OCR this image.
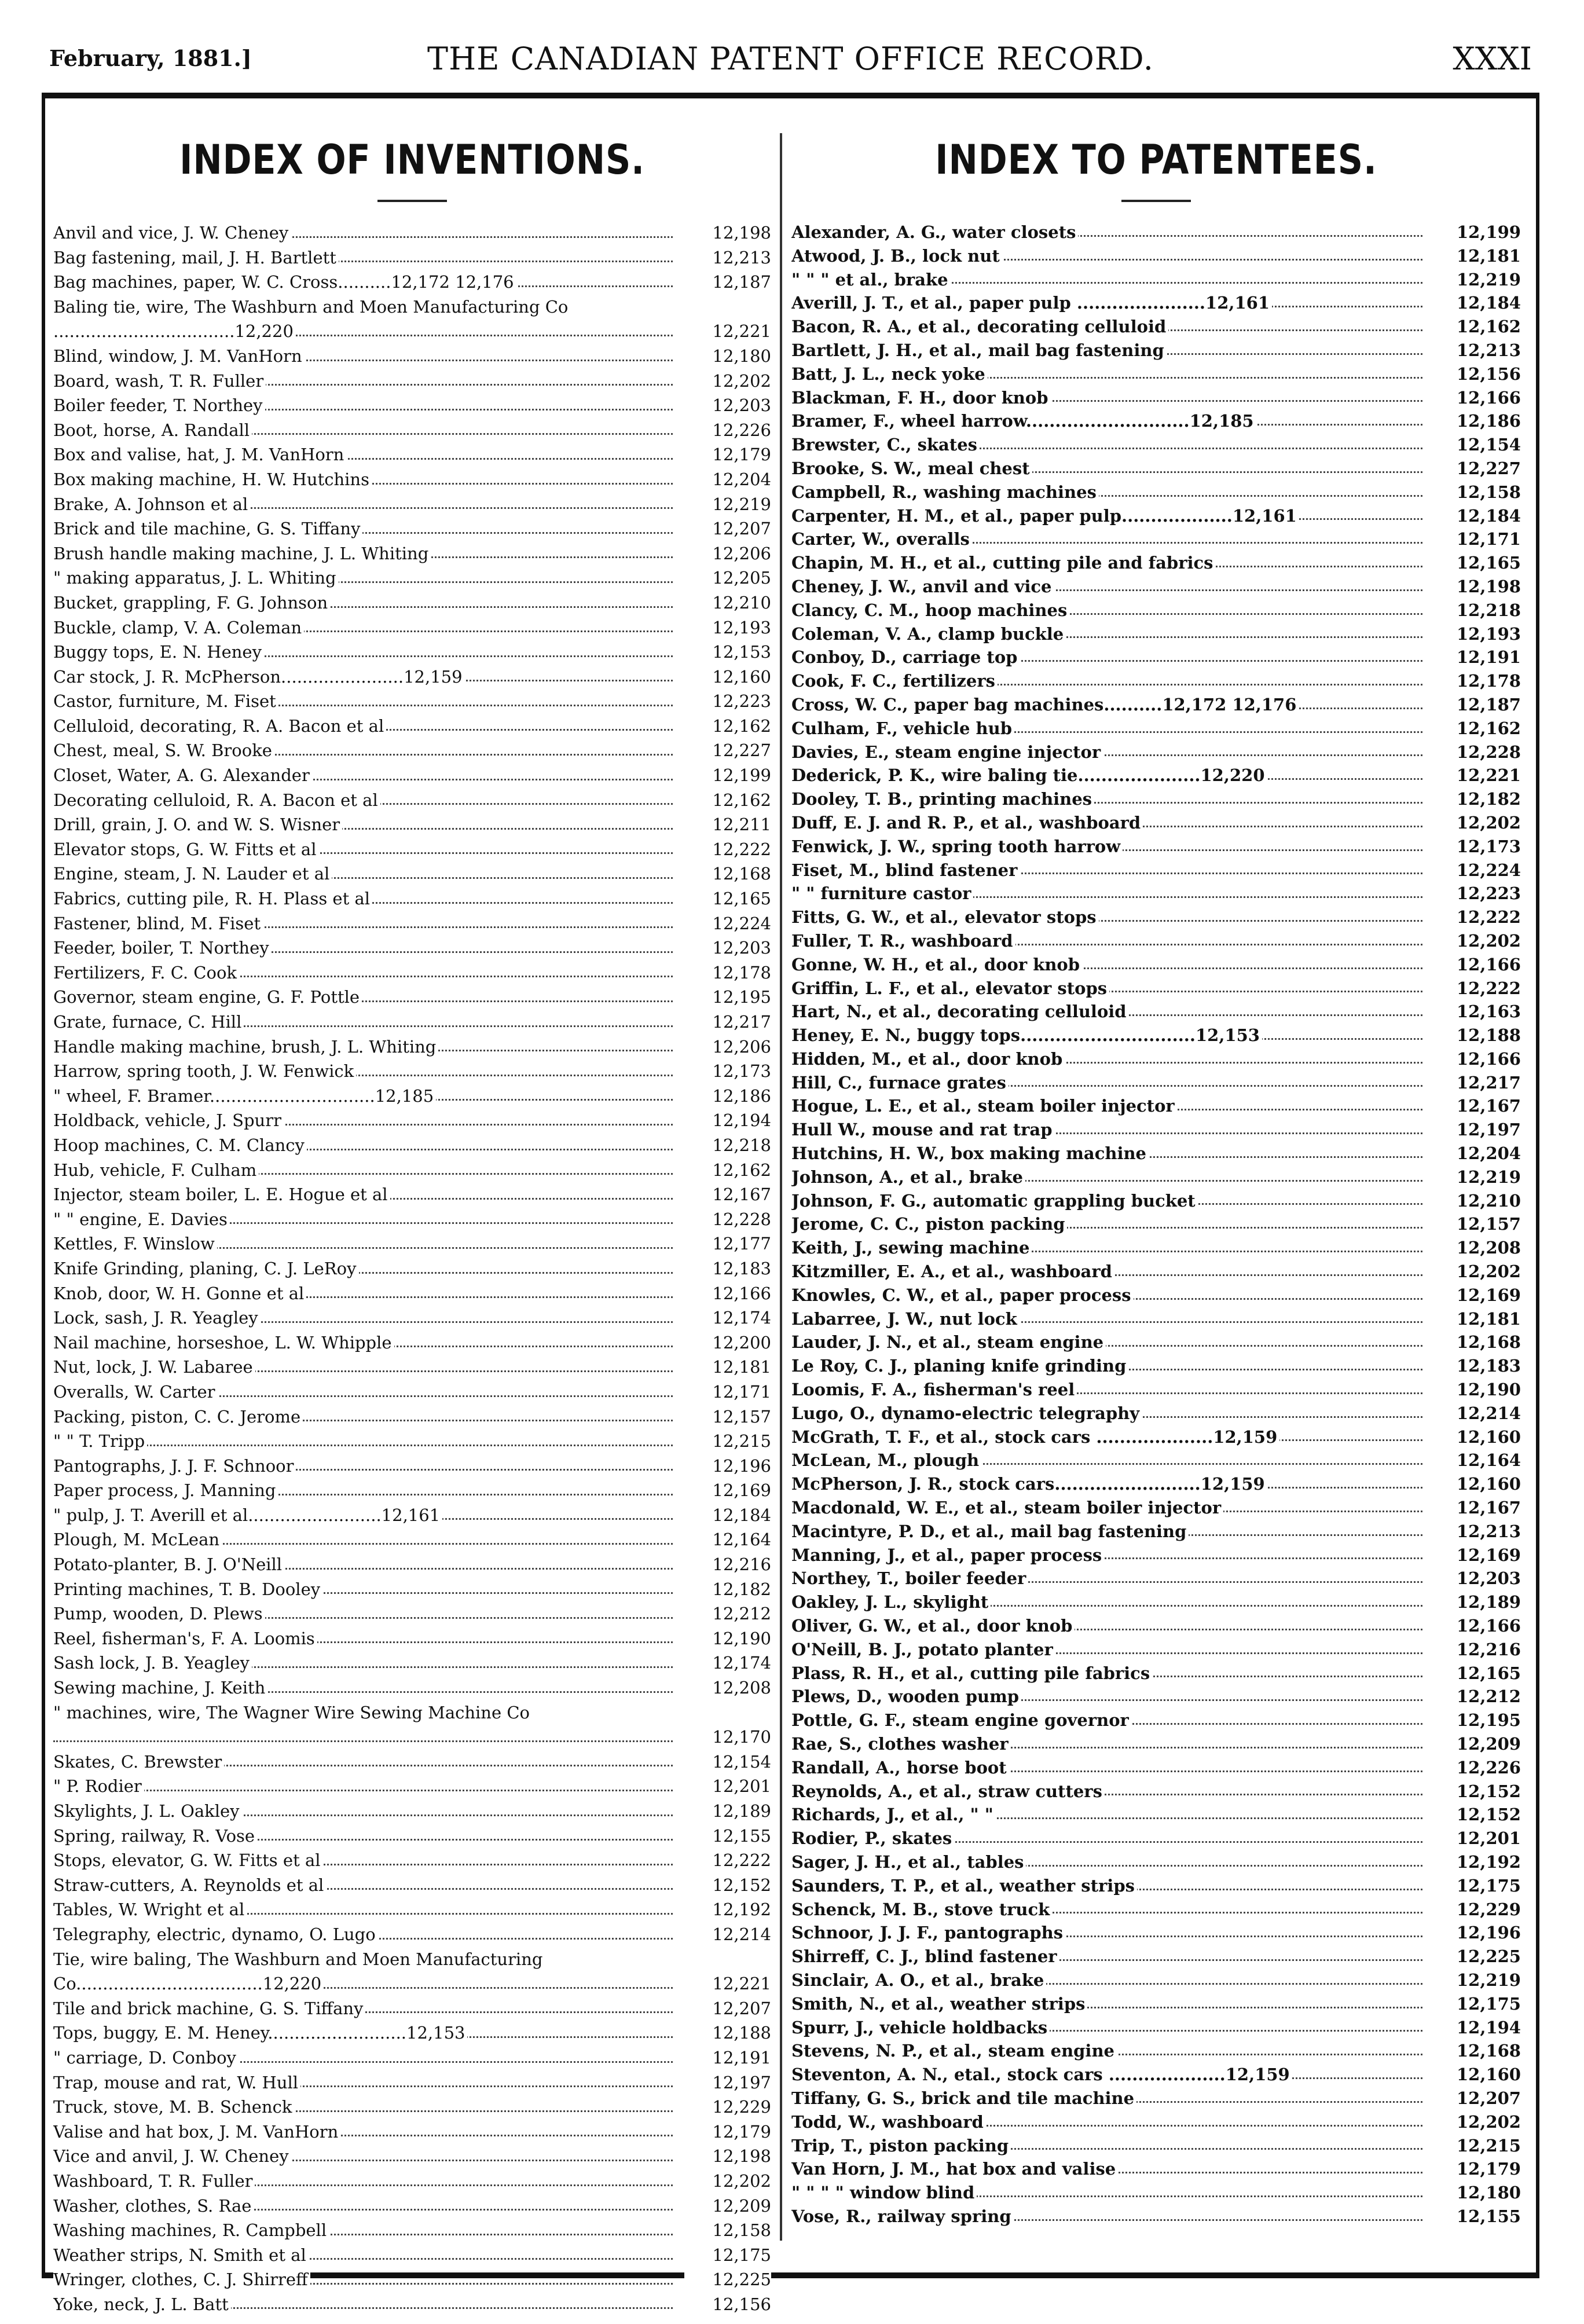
February, 1881.]	THE CANADIAN PATENT OFFICE RECORD.	XXXI
INDEX OF INVENTIONS.
Anvil and vice, J. W. Cheney	12,198
Bag fastening, mail, J. H. Bartlett	12,213
Bag machines, paper, W. C. Cross..........12,172 12,176	12,187
Baling tie, wire, The Washburn and Moen Manufacturing Co ..................................12,220	12,221
Blind, window, J. M. VanHorn	12,180
Board, wash, T. R. Fuller	12,202
Boiler feeder, T. Northey	12,203
Boot, horse, A. Randall	12,226
Box and valise, hat, J. M. VanHorn	12,179
Box making machine, H. W. Hutchins	12,204
Brake, A. Johnson et al	12,219
Brick and tile machine, G. S. Tiffany	12,207
Brush handle making machine, J. L. Whiting	12,206
" making apparatus, J. L. Whiting	12,205
Bucket, grappling, F. G. Johnson	12,210
Buckle, clamp, V. A. Coleman	12,193
Buggy tops, E. N. Heney	12,153
Car stock, J. R. McPherson.......................12,159	12,160
Castor, furniture, M. Fiset	12,223
Celluloid, decorating, R. A. Bacon et al	12,162
Chest, meal, S. W. Brooke	12,227
Closet, Water, A. G. Alexander	12,199
Decorating celluloid, R. A. Bacon et al	12,162
Drill, grain, J. O. and W. S. Wisner	12,211
Elevator stops, G. W. Fitts et al	12,222
Engine, steam, J. N. Lauder et al	12,168
Fabrics, cutting pile, R. H. Plass et al	12,165
Fastener, blind, M. Fiset	12,224
Feeder, boiler, T. Northey	12,203
Fertilizers, F. C. Cook	12,178
Governor, steam engine, G. F. Pottle	12,195
Grate, furnace, C. Hill	12,217
Handle making machine, brush, J. L. Whiting	12,206
Harrow, spring tooth, J. W. Fenwick	12,173
" wheel, F. Bramer...............................12,185	12,186
Holdback, vehicle, J. Spurr	12,194
Hoop machines, C. M. Clancy	12,218
Hub, vehicle, F. Culham	12,162
Injector, steam boiler, L. E. Hogue et al	12,167
" " engine, E. Davies	12,228
Kettles, F. Winslow	12,177
Knife Grinding, planing, C. J. LeRoy	12,183
Knob, door, W. H. Gonne et al	12,166
Lock, sash, J. R. Yeagley	12,174
Nail machine, horseshoe, L. W. Whipple	12,200
Nut, lock, J. W. Labaree	12,181
Overalls, W. Carter	12,171
Packing, piston, C. C. Jerome	12,157
" " T. Tripp	12,215
Pantographs, J. J. F. Schnoor	12,196
Paper process, J. Manning	12,169
" pulp, J. T. Averill et al.........................12,161	12,184
Plough, M. McLean	12,164
Potato-planter, B. J. O'Neill	12,216
Printing machines, T. B. Dooley	12,182
Pump, wooden, D. Plews	12,212
Reel, fisherman's, F. A. Loomis	12,190
Sash lock, J. B. Yeagley	12,174
Sewing machine, J. Keith	12,208
" machines, wire, The Wagner Wire Sewing Machine Co
12,170
Skates, C. Brewster	12,154
" P. Rodier	12,201
Skylights, J. L. Oakley	12,189
Spring, railway, R. Vose	12,155
Stops, elevator, G. W. Fitts et al	12,222
Straw-cutters, A. Reynolds et al	12,152
Tables, W. Wright et al	12,192
Telegraphy, electric, dynamo, O. Lugo	12,214
Tie, wire baling, The Washburn and Moen Manufacturing Co...................................12,220	12,221
Tile and brick machine, G. S. Tiffany	12,207
Tops, buggy, E. M. Heney..........................12,153	12,188
" carriage, D. Conboy	12,191
Trap, mouse and rat, W. Hull	12,197
Truck, stove, M. B. Schenck	12,229
Valise and hat box, J. M. VanHorn	12,179
Vice and anvil, J. W. Cheney	12,198
Washboard, T. R. Fuller	12,202
Washer, clothes, S. Rae	12,209
Washing machines, R. Campbell	12,158
Weather strips, N. Smith et al	12,175
Wringer, clothes, C. J. Shirreff	12,225
Yoke, neck, J. L. Batt	12,156
INDEX TO PATENTEES.
Alexander, A. G., water closets	12,199
Atwood, J. B., lock nut	12,181
" " " et al., brake	12,219
Averill, J. T., et al., paper pulp ......................12,161	12,184
Bacon, R. A., et al., decorating celluloid	12,162
Bartlett, J. H., et al., mail bag fastening	12,213
Batt, J. L., neck yoke	12,156
Blackman, F. H., door knob	12,166
Bramer, F., wheel harrow............................12,185	12,186
Brewster, C., skates	12,154
Brooke, S. W., meal chest	12,227
Campbell, R., washing machines	12,158
Carpenter, H. M., et al., paper pulp...................12,161	12,184
Carter, W., overalls	12,171
Chapin, M. H., et al., cutting pile and fabrics	12,165
Cheney, J. W., anvil and vice	12,198
Clancy, C. M., hoop machines	12,218
Coleman, V. A., clamp buckle	12,193
Conboy, D., carriage top	12,191
Cook, F. C., fertilizers	12,178
Cross, W. C., paper bag machines..........12,172 12,176	12,187
Culham, F., vehicle hub	12,162
Davies, E., steam engine injector	12,228
Dederick, P. K., wire baling tie.....................12,220	12,221
Dooley, T. B., printing machines	12,182
Duff, E. J. and R. P., et al., washboard	12,202
Fenwick, J. W., spring tooth harrow	12,173
Fiset, M., blind fastener	12,224
" " furniture castor	12,223
Fitts, G. W., et al., elevator stops	12,222
Fuller, T. R., washboard	12,202
Gonne, W. H., et al., door knob	12,166
Griffin, L. F., et al., elevator stops	12,222
Hart, N., et al., decorating celluloid	12,163
Heney, E. N., buggy tops..............................12,153	12,188
Hidden, M., et al., door knob	12,166
Hill, C., furnace grates	12,217
Hogue, L. E., et al., steam boiler injector	12,167
Hull W., mouse and rat trap	12,197
Hutchins, H. W., box making machine	12,204
Johnson, A., et al., brake	12,219
Johnson, F. G., automatic grappling bucket	12,210
Jerome, C. C., piston packing	12,157
Keith, J., sewing machine	12,208
Kitzmiller, E. A., et al., washboard	12,202
Knowles, C. W., et al., paper process	12,169
Labarree, J. W., nut lock	12,181
Lauder, J. N., et al., steam engine	12,168
Le Roy, C. J., planing knife grinding	12,183
Loomis, F. A., fisherman's reel	12,190
Lugo, O., dynamo-electric telegraphy	12,214
McGrath, T. F., et al., stock cars ....................12,159	12,160
McLean, M., plough	12,164
McPherson, J. R., stock cars.........................12,159	12,160
Macdonald, W. E., et al., steam boiler injector	12,167
Macintyre, P. D., et al., mail bag fastening	12,213
Manning, J., et al., paper process	12,169
Northey, T., boiler feeder	12,203
Oakley, J. L., skylight	12,189
Oliver, G. W., et al., door knob	12,166
O'Neill, B. J., potato planter	12,216
Plass, R. H., et al., cutting pile fabrics	12,165
Plews, D., wooden pump	12,212
Pottle, G. F., steam engine governor	12,195
Rae, S., clothes washer	12,209
Randall, A., horse boot	12,226
Reynolds, A., et al., straw cutters	12,152
Richards, J., et al., " "	12,152
Rodier, P., skates	12,201
Sager, J. H., et al., tables	12,192
Saunders, T. P., et al., weather strips	12,175
Schenck, M. B., stove truck	12,229
Schnoor, J. J. F., pantographs	12,196
Shirreff, C. J., blind fastener	12,225
Sinclair, A. O., et al., brake	12,219
Smith, N., et al., weather strips	12,175
Spurr, J., vehicle holdbacks	12,194
Stevens, N. P., et al., steam engine	12,168
Steventon, A. N., etal., stock cars ....................12,159	12,160
Tiffany, G. S., brick and tile machine	12,207
Todd, W., washboard	12,202
Trip, T., piston packing	12,215
Van Horn, J. M., hat box and valise	12,179
" " " " window blind	12,180
Vose, R., railway spring	12,155
